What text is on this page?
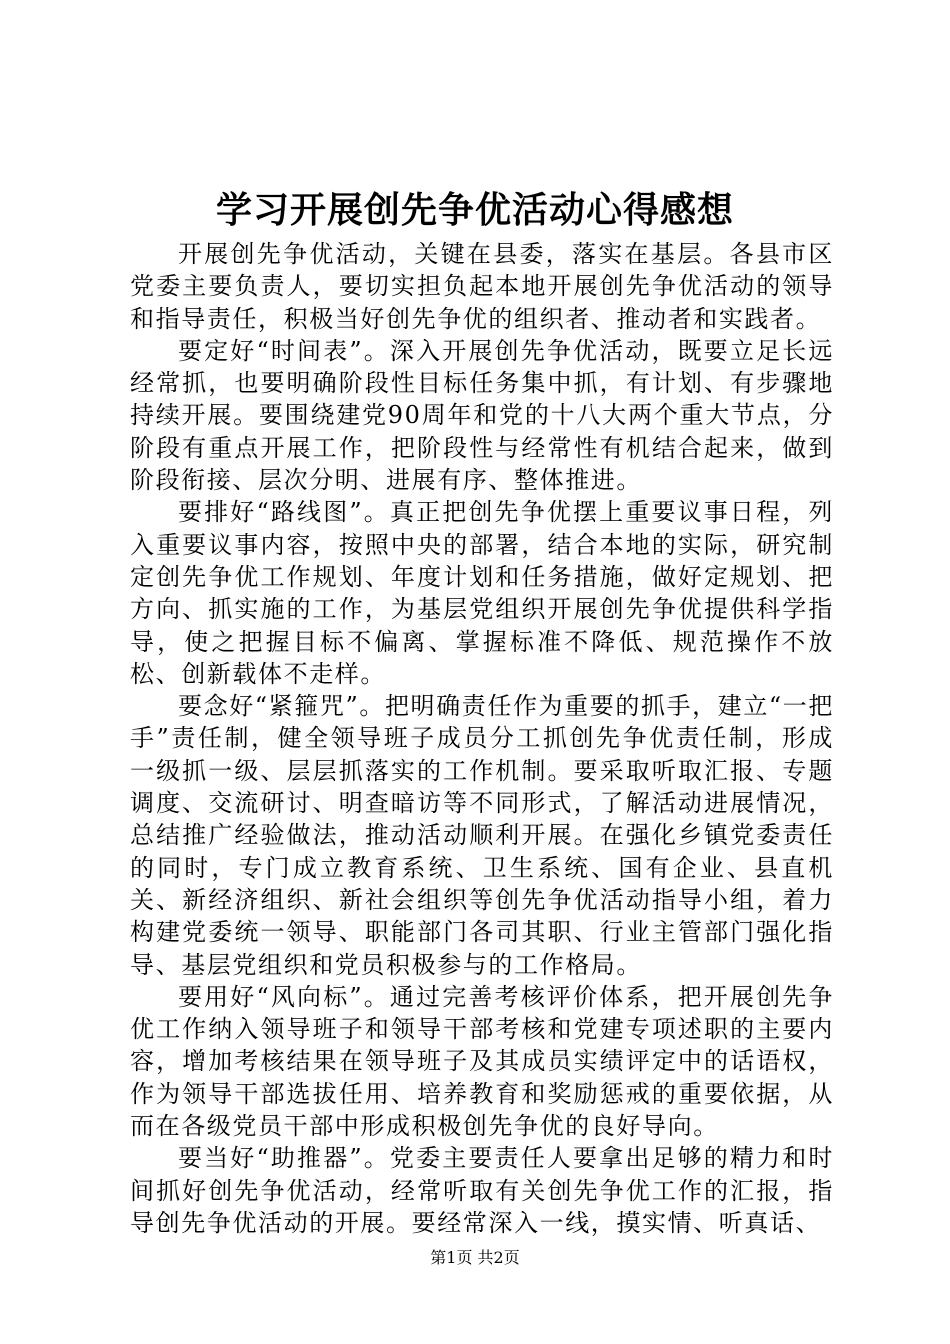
学习开展创先争优活动心得感想

开展创先争优活动，关键在县委，落实在基层。各县市区党委主要负责人，要切实担负起本地开展创先争优活动的领导和指导责任，积极当好创先争优的组织者、推动者和实践者。

要定好“时间表”。深入开展创先争优活动，既要立足长远经常抓，也要明确阶段性目标任务集中抓，有计划、有步骤地持续开展。要围绕建党90周年和党的十八大两个重大节点，分阶段有重点开展工作，把阶段性与经常性有机结合起来，做到阶段衔接、层次分明、进展有序、整体推进。

要排好“路线图”。真正把创先争优摆上重要议事日程，列入重要议事内容，按照中央的部署，结合本地的实际，研究制定创先争优工作规划、年度计划和任务措施，做好定规划、把方向、抓实施的工作，为基层党组织开展创先争优提供科学指导，使之把握目标不偏离、掌握标准不降低、规范操作不放松、创新载体不走样。

要念好“紧箍咒”。把明确责任作为重要的抓手，建立“一把手”责任制，健全领导班子成员分工抓创先争优责任制，形成一级抓一级、层层抓落实的工作机制。要采取听取汇报、专题调度、交流研讨、明查暗访等不同形式，了解活动进展情况，总结推广经验做法，推动活动顺利开展。在强化乡镇党委责任的同时，专门成立教育系统、卫生系统、国有企业、县直机关、新经济组织、新社会组织等创先争优活动指导小组，着力构建党委统一领导、职能部门各司其职、行业主管部门强化指导、基层党组织和党员积极参与的工作格局。

要用好“风向标”。通过完善考核评价体系，把开展创先争优工作纳入领导班子和领导干部考核和党建专项述职的主要内容，增加考核结果在领导班子及其成员实绩评定中的话语权，作为领导干部选拔任用、培养教育和奖励惩戒的重要依据，从而在各级党员干部中形成积极创先争优的良好导向。

要当好“助推器”。党委主要责任人要拿出足够的精力和时间抓好创先争优活动，经常听取有关创先争优工作的汇报，指导创先争优活动的开展。要经常深入一线，摸实情、听真话、

第1页 共2页
